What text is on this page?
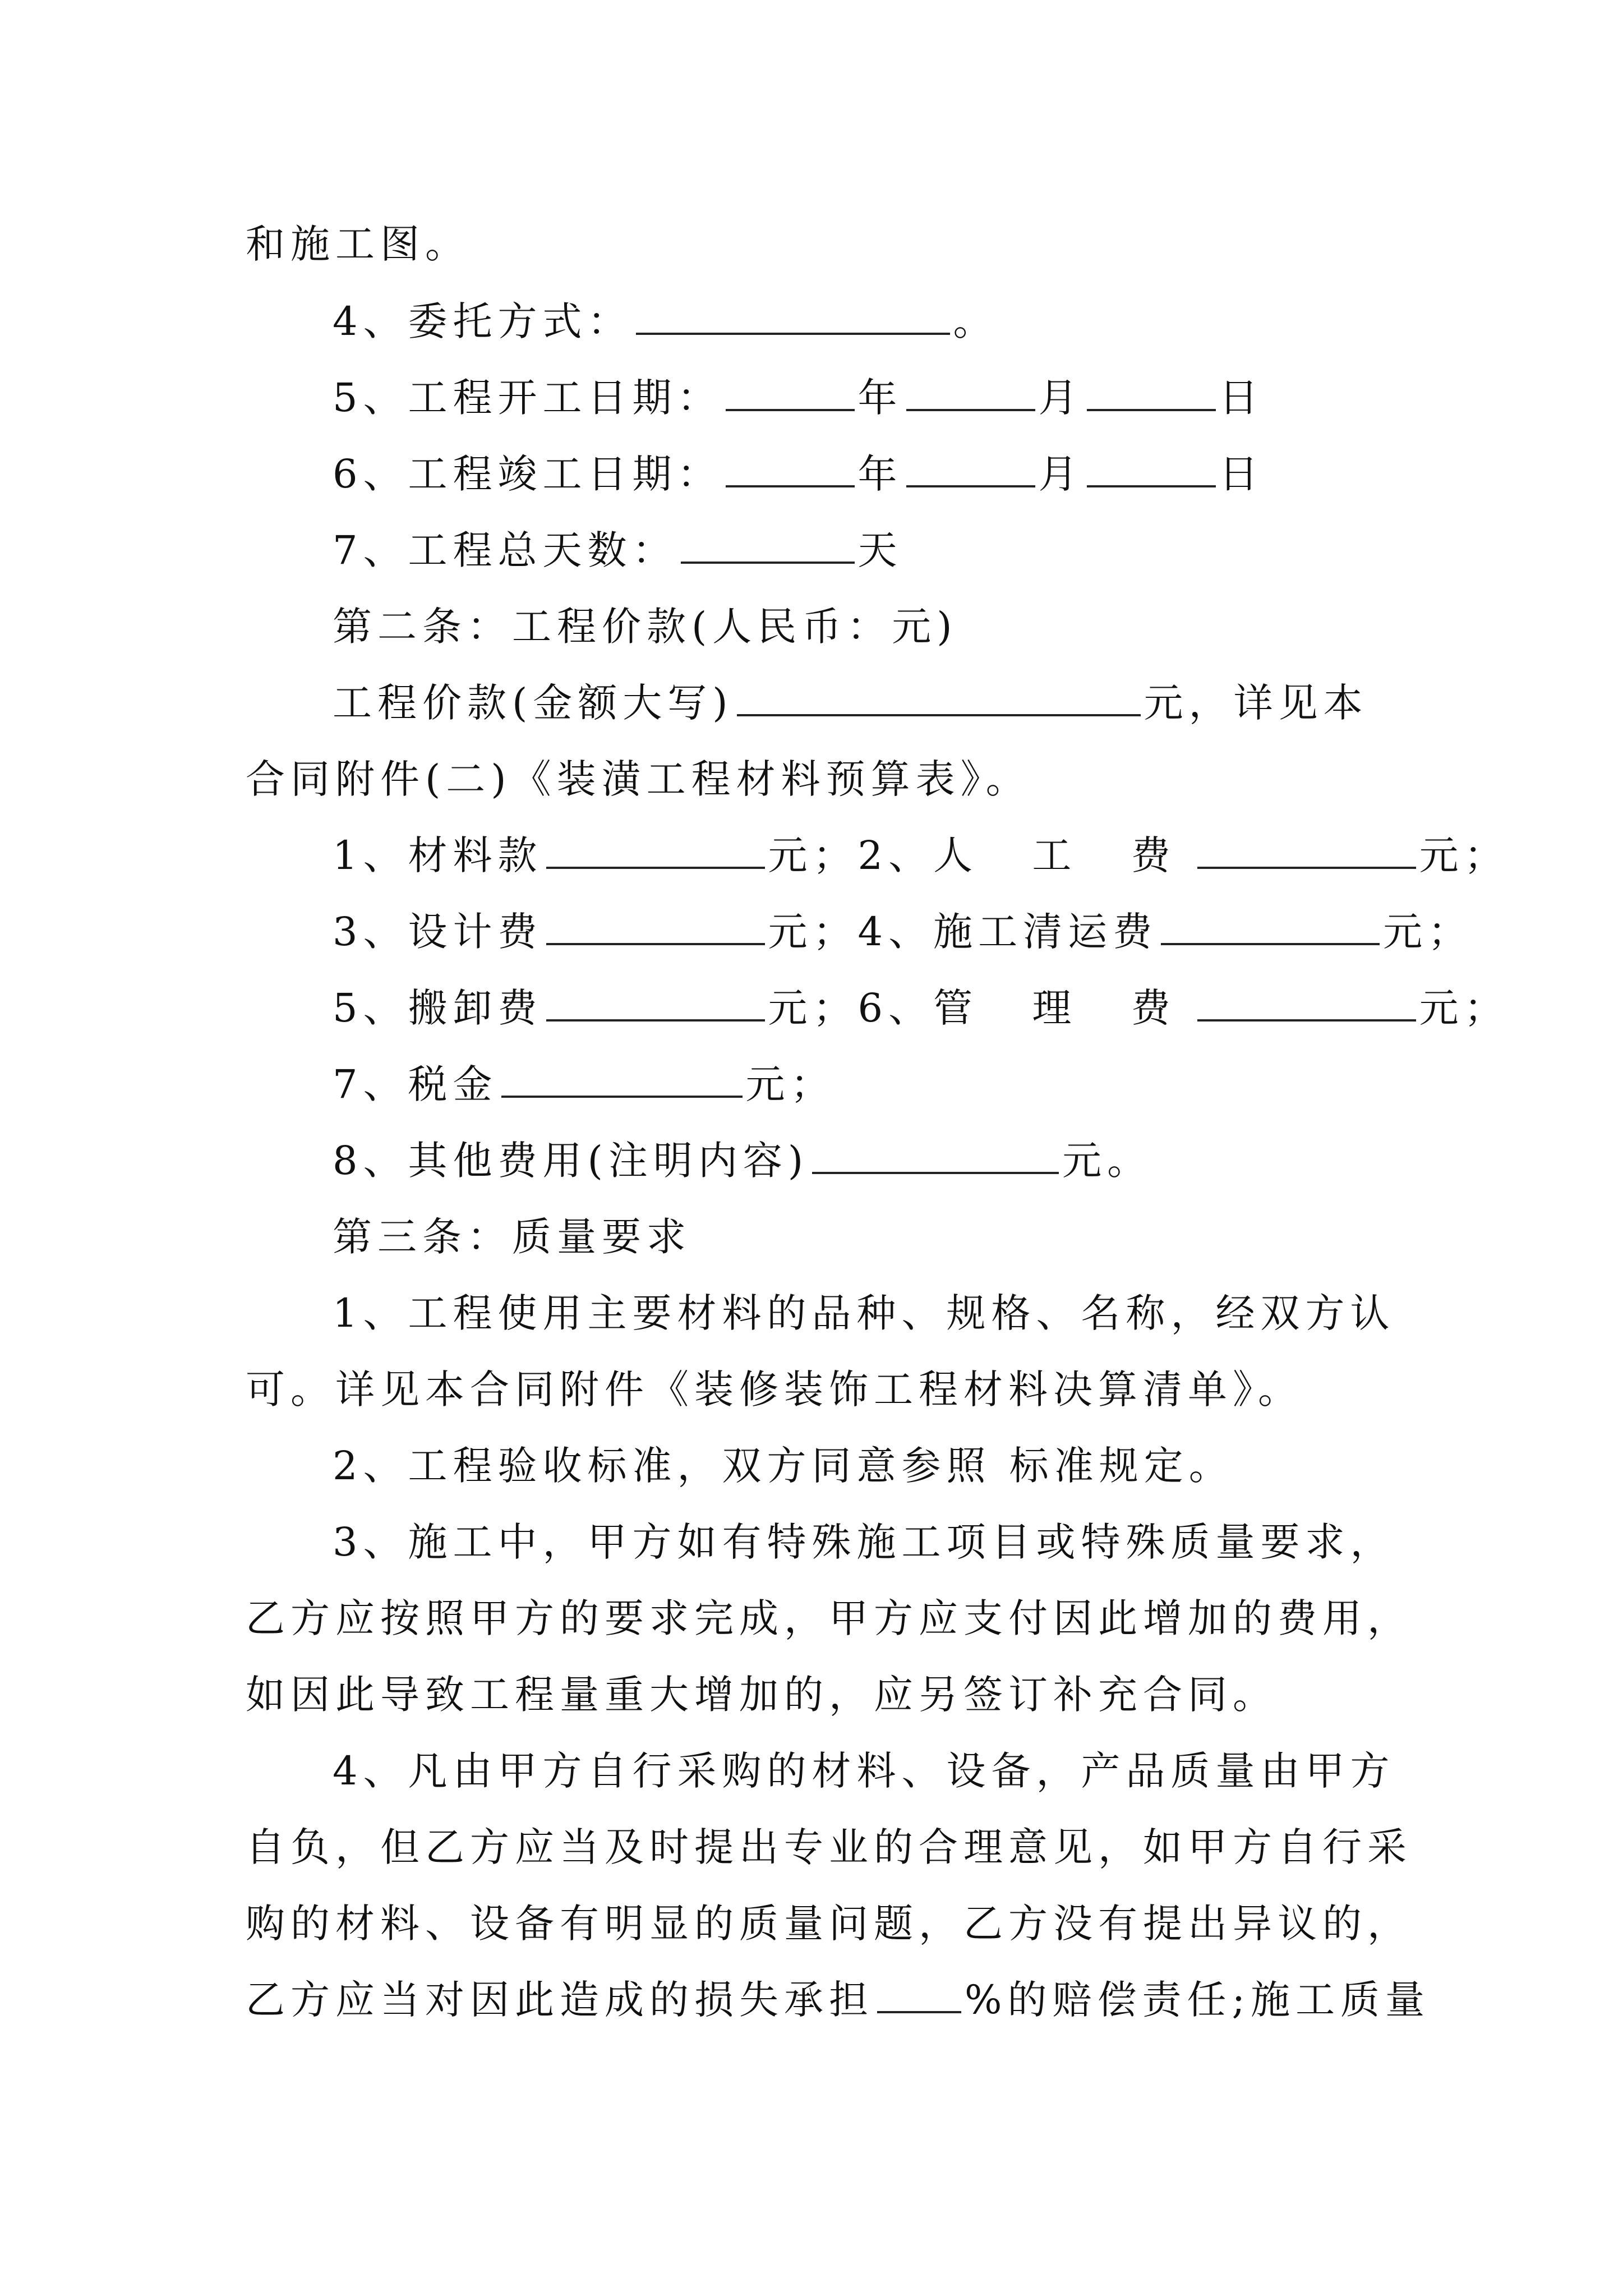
和施工图。
4、委托方式：	。
5、工程开工日期：	年	月	日
6、工程竣工日期：	年	月	日
7、工程总天数：	天
第二条：工程价款(人民币：元)
工程价款(金额大写)	元，详见本
合同附件(二)《装潢工程材料预算表》。
1、材料款	元；2、人 工 费	元；
3、设计费	元；4、施工清运费	元；
5、搬卸费	元；6、管 理 费	元；
7、税金	元；
8、其他费用(注明内容)	元。
第三条：质量要求
1、工程使用主要材料的品种、规格、名称，经双方认
可。详见本合同附件《装修装饰工程材料决算清单》。
2、工程验收标准，双方同意参照 标准规定。
3、施工中，甲方如有特殊施工项目或特殊质量要求，
乙方应按照甲方的要求完成，甲方应支付因此增加的费用，
如因此导致工程量重大增加的，应另签订补充合同。
4、凡由甲方自行采购的材料、设备，产品质量由甲方
自负，但乙方应当及时提出专业的合理意见，如甲方自行采
购的材料、设备有明显的质量问题，乙方没有提出异议的，
乙方应当对因此造成的损失承担 %的赔偿责任;施工质量
